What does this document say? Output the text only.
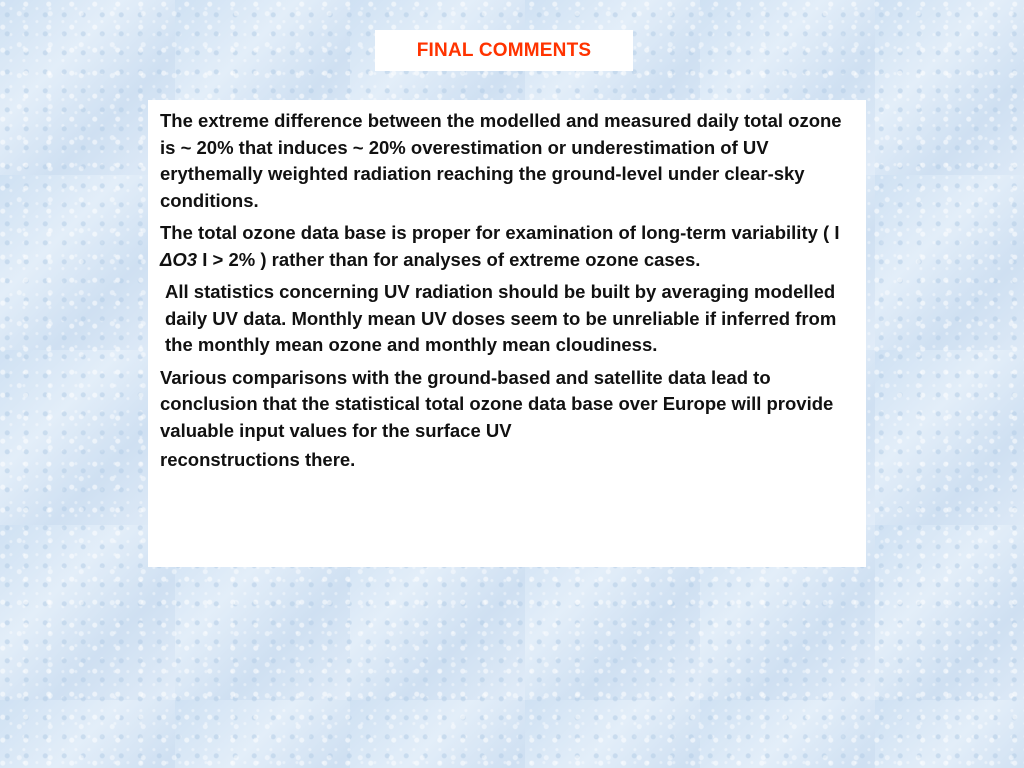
FINAL COMMENTS

The extreme difference between the modelled and measured daily total ozone is ~ 20% that induces ~ 20% overestimation or underestimation of UV erythemally weighted radiation reaching the ground-level under clear-sky conditions.

The total ozone data base is proper for examination of long-term variability ( I ΔO3 I > 2% ) rather than for analyses of extreme ozone cases.

All statistics concerning UV radiation should be built by averaging modelled daily UV data. Monthly mean UV doses seem to be unreliable if inferred from the monthly mean ozone and monthly mean cloudiness.

Various comparisons with the ground-based and satellite data lead to conclusion that the statistical total ozone data base over Europe will provide valuable input values for the surface UV
reconstructions there.
